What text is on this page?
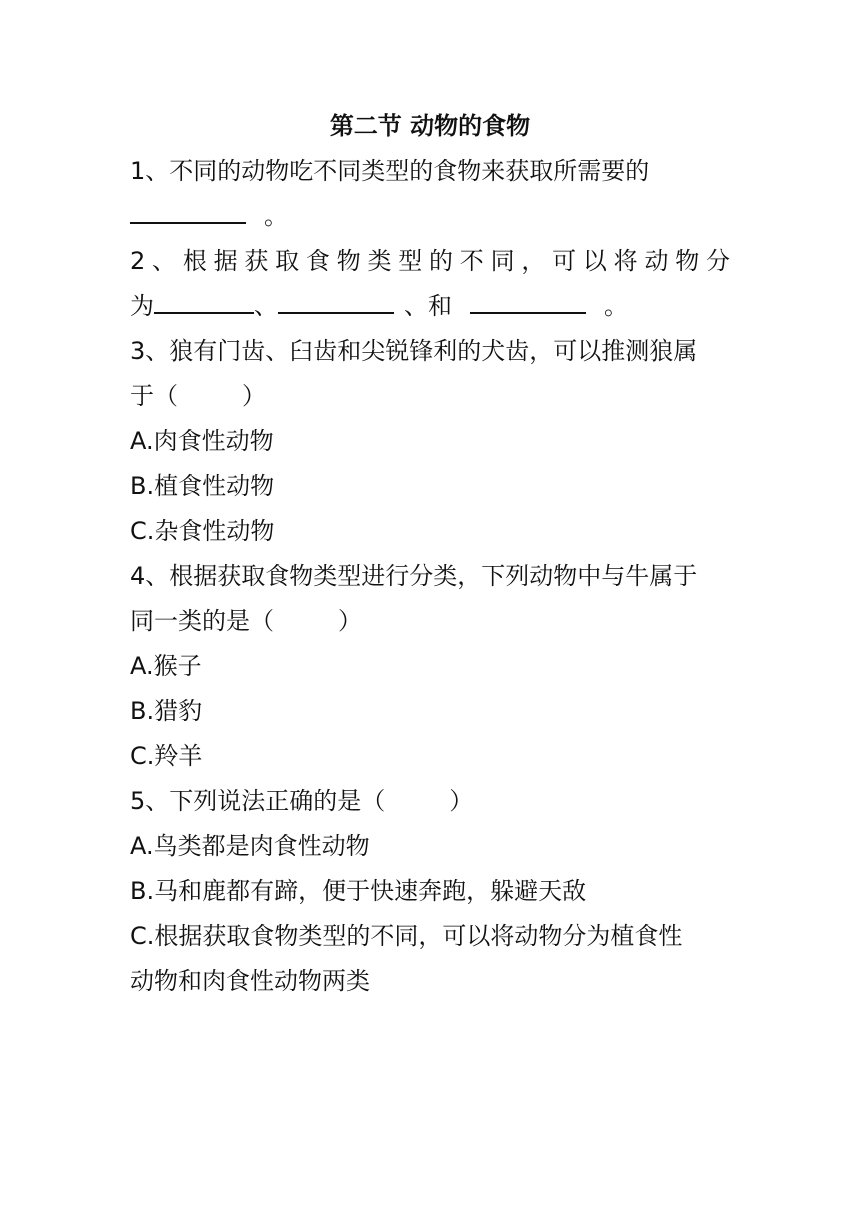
第二节 动物的食物
1、不同的动物吃不同类型的食物来获取所需要的
。
2、根据获取食物类型的不同，可以将动物分
为	、	、和	。
3、狼有门齿、臼齿和尖锐锋利的犬齿，可以推测狼属
于（	）
A.肉食性动物
B.植食性动物
C.杂食性动物
4、根据获取食物类型进行分类，下列动物中与牛属于
同一类的是（	）
A.猴子
B.猎豹
C.羚羊
5、下列说法正确的是（	）
A.鸟类都是肉食性动物
B.马和鹿都有蹄，便于快速奔跑，躲避天敌
C.根据获取食物类型的不同，可以将动物分为植食性
动物和肉食性动物两类
